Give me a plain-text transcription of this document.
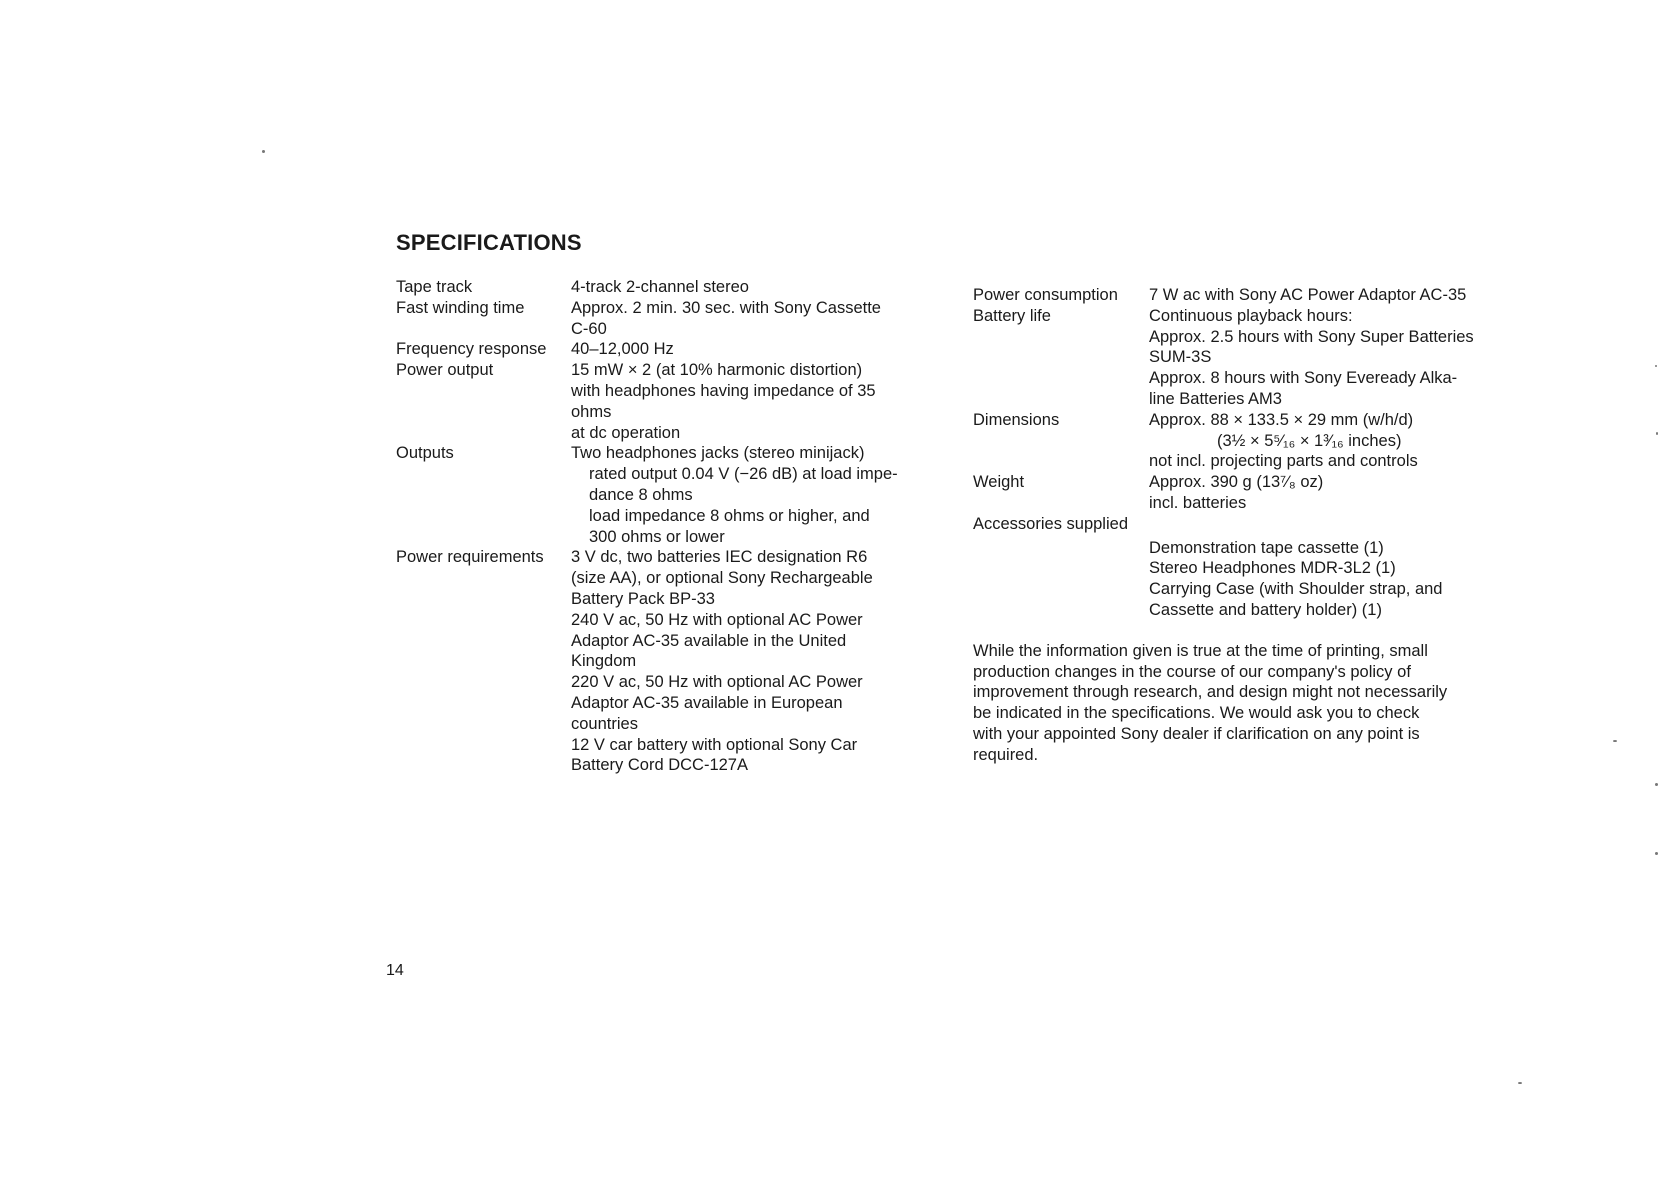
SPECIFICATIONS
Tape track	4-track 2-channel stereo
Fast winding time	Approx. 2 min. 30 sec. with Sony Cassette
C-60
Frequency response	40–12,000 Hz
Power output	15 mW × 2 (at 10% harmonic distortion)
with headphones having impedance of 35
ohms
at dc operation
Outputs	Two headphones jacks (stereo minijack)
rated output 0.04 V (−26 dB) at load impe-
dance 8 ohms
load impedance 8 ohms or higher, and
300 ohms or lower
Power requirements	3 V dc, two batteries IEC designation R6
(size AA), or optional Sony Rechargeable
Battery Pack BP-33
240 V ac, 50 Hz with optional AC Power
Adaptor AC-35 available in the United
Kingdom
220 V ac, 50 Hz with optional AC Power
Adaptor AC-35 available in European
countries
12 V car battery with optional Sony Car
Battery Cord DCC-127A
Power consumption	7 W ac with Sony AC Power Adaptor AC-35
Battery life	Continuous playback hours:
Approx. 2.5 hours with Sony Super Batteries
SUM-3S
Approx. 8 hours with Sony Eveready Alka-
line Batteries AM3
Dimensions	Approx. 88 × 133.5 × 29 mm (w/h/d)
(3½ × 5⁵⁄₁₆ × 1³⁄₁₆ inches)
not incl. projecting parts and controls
Weight	Approx. 390 g (13⁷⁄₈ oz)
incl. batteries
Accessories supplied
Demonstration tape cassette (1)
Stereo Headphones MDR-3L2 (1)
Carrying Case (with Shoulder strap, and
Cassette and battery holder) (1)
While the information given is true at the time of printing, small
production changes in the course of our company's policy of
improvement through research, and design might not necessarily
be indicated in the specifications. We would ask you to check
with your appointed Sony dealer if clarification on any point is
required.
14
